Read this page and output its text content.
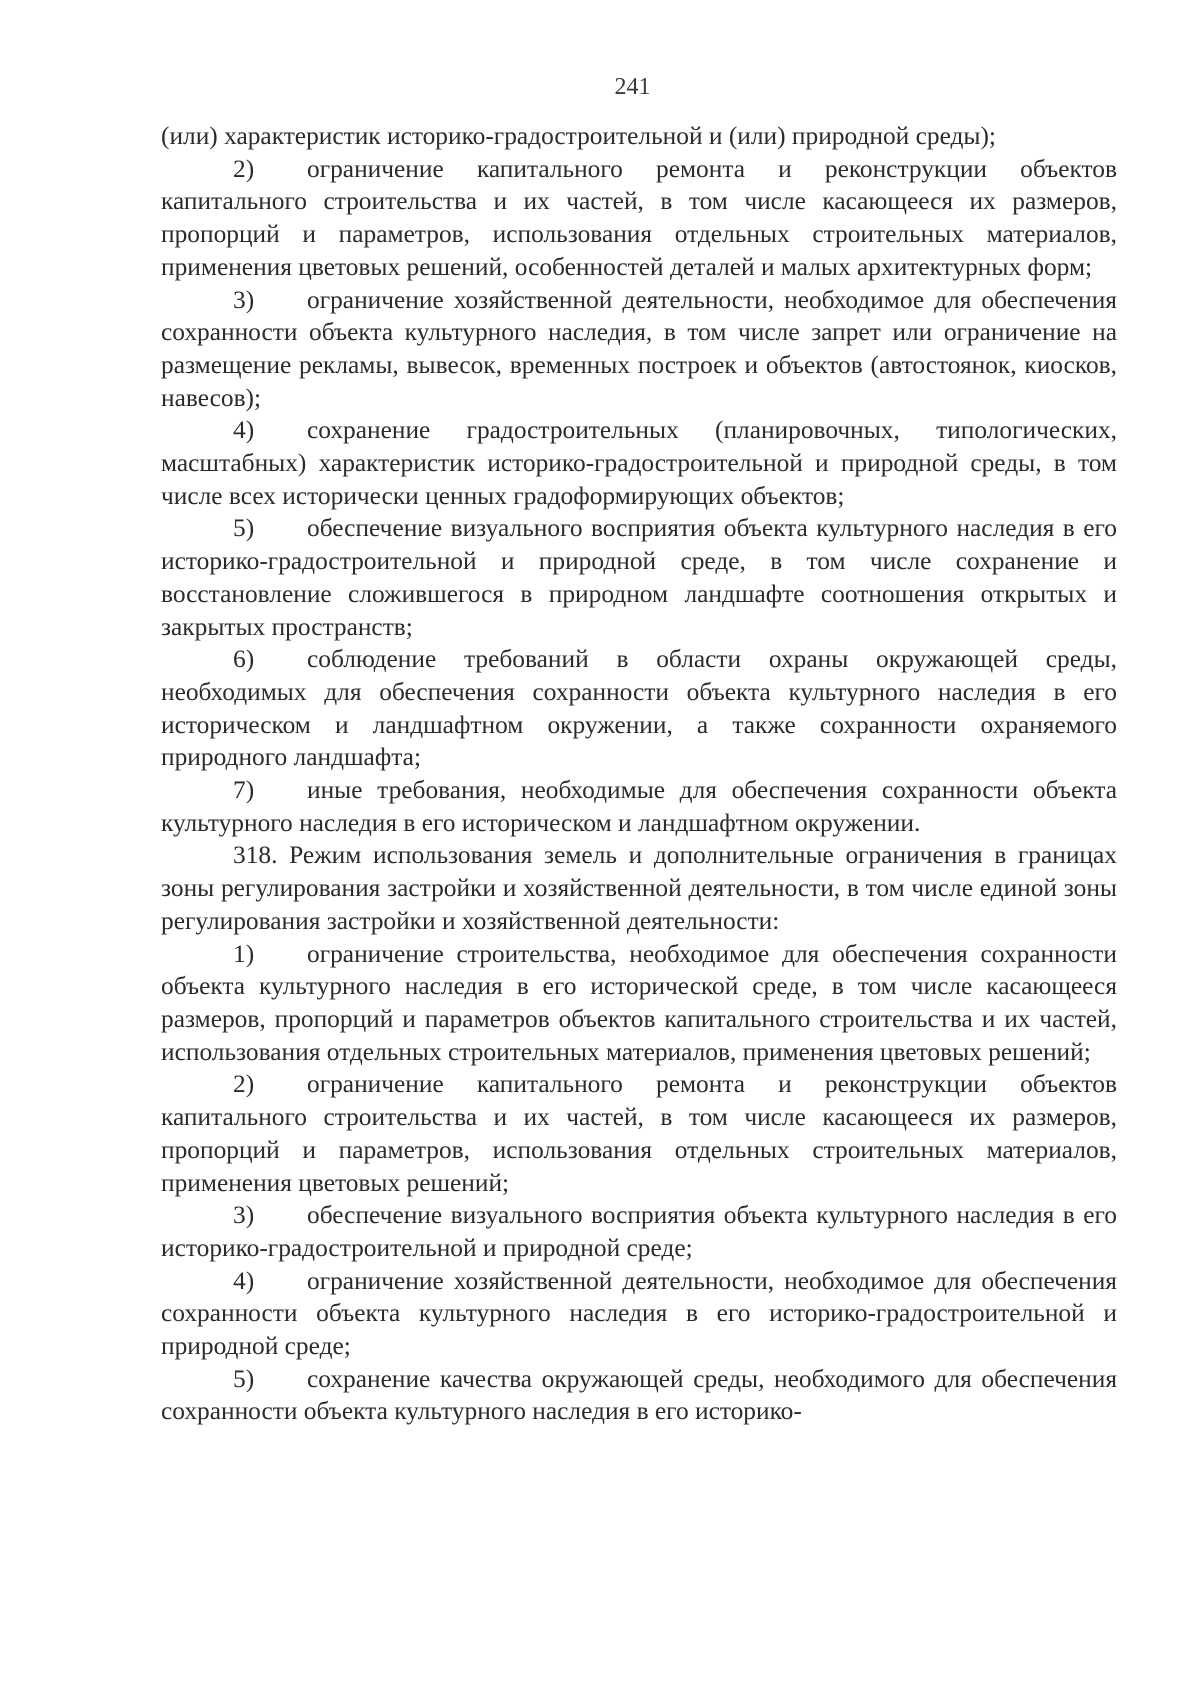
241

(или) характеристик историко-градостроительной и (или) природной среды);

2) ограничение капитального ремонта и реконструкции объектов капитального строительства и их частей, в том числе касающееся их размеров, пропорций и параметров, использования отдельных строительных материалов, применения цветовых решений, особенностей деталей и малых архитектурных форм;

3) ограничение хозяйственной деятельности, необходимое для обеспечения сохранности объекта культурного наследия, в том числе запрет или ограничение на размещение рекламы, вывесок, временных построек и объектов (автостоянок, киосков, навесов);

4) сохранение градостроительных (планировочных, типологических, масштабных) характеристик историко-градостроительной и природной среды, в том числе всех исторически ценных градоформирующих объектов;

5) обеспечение визуального восприятия объекта культурного наследия в его историко-градостроительной и природной среде, в том числе сохранение и восстановление сложившегося в природном ландшафте соотношения открытых и закрытых пространств;

6) соблюдение требований в области охраны окружающей среды, необходимых для обеспечения сохранности объекта культурного наследия в его историческом и ландшафтном окружении, а также сохранности охраняемого природного ландшафта;

7) иные требования, необходимые для обеспечения сохранности объекта культурного наследия в его историческом и ландшафтном окружении.

318. Режим использования земель и дополнительные ограничения в границах зоны регулирования застройки и хозяйственной деятельности, в том числе единой зоны регулирования застройки и хозяйственной деятельности:

1) ограничение строительства, необходимое для обеспечения сохранности объекта культурного наследия в его исторической среде, в том числе касающееся размеров, пропорций и параметров объектов капитального строительства и их частей, использования отдельных строительных материалов, применения цветовых решений;

2) ограничение капитального ремонта и реконструкции объектов капитального строительства и их частей, в том числе касающееся их размеров, пропорций и параметров, использования отдельных строительных материалов, применения цветовых решений;

3) обеспечение визуального восприятия объекта культурного наследия в его историко-градостроительной и природной среде;

4) ограничение хозяйственной деятельности, необходимое для обеспечения сохранности объекта культурного наследия в его историко-градостроительной и природной среде;

5) сохранение качества окружающей среды, необходимого для обеспечения сохранности объекта культурного наследия в его историко-
